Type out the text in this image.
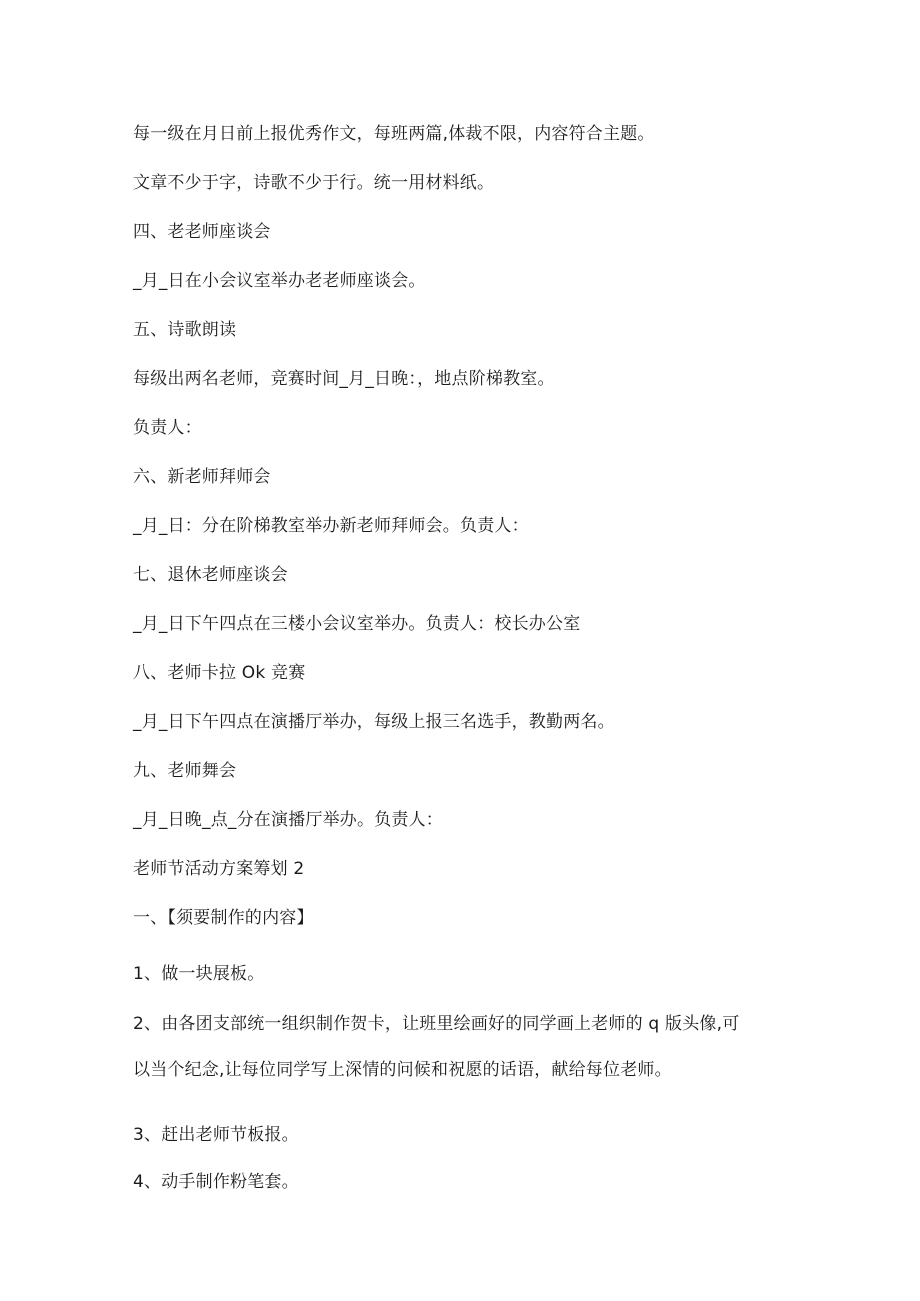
每一级在月日前上报优秀作文，每班两篇,体裁不限，内容符合主题。
文章不少于字，诗歌不少于行。统一用材料纸。
四、老老师座谈会
_月_日在小会议室举办老老师座谈会。
五、诗歌朗读
每级出两名老师，竞赛时间_月_日晚：，地点阶梯教室。
负责人：
六、新老师拜师会
_月_日：分在阶梯教室举办新老师拜师会。负责人：
七、退休老师座谈会
_月_日下午四点在三楼小会议室举办。负责人：校长办公室
八、老师卡拉 Ok 竞赛
_月_日下午四点在演播厅举办，每级上报三名选手，教勤两名。
九、老师舞会
_月_日晚_点_分在演播厅举办。负责人：
老师节活动方案筹划 2
一、【须要制作的内容】
1、做一块展板。
2、由各团支部统一组织制作贺卡，让班里绘画好的同学画上老师的 q 版头像,可
以当个纪念,让每位同学写上深情的问候和祝愿的话语，献给每位老师。
3、赶出老师节板报。
4、动手制作粉笔套。
